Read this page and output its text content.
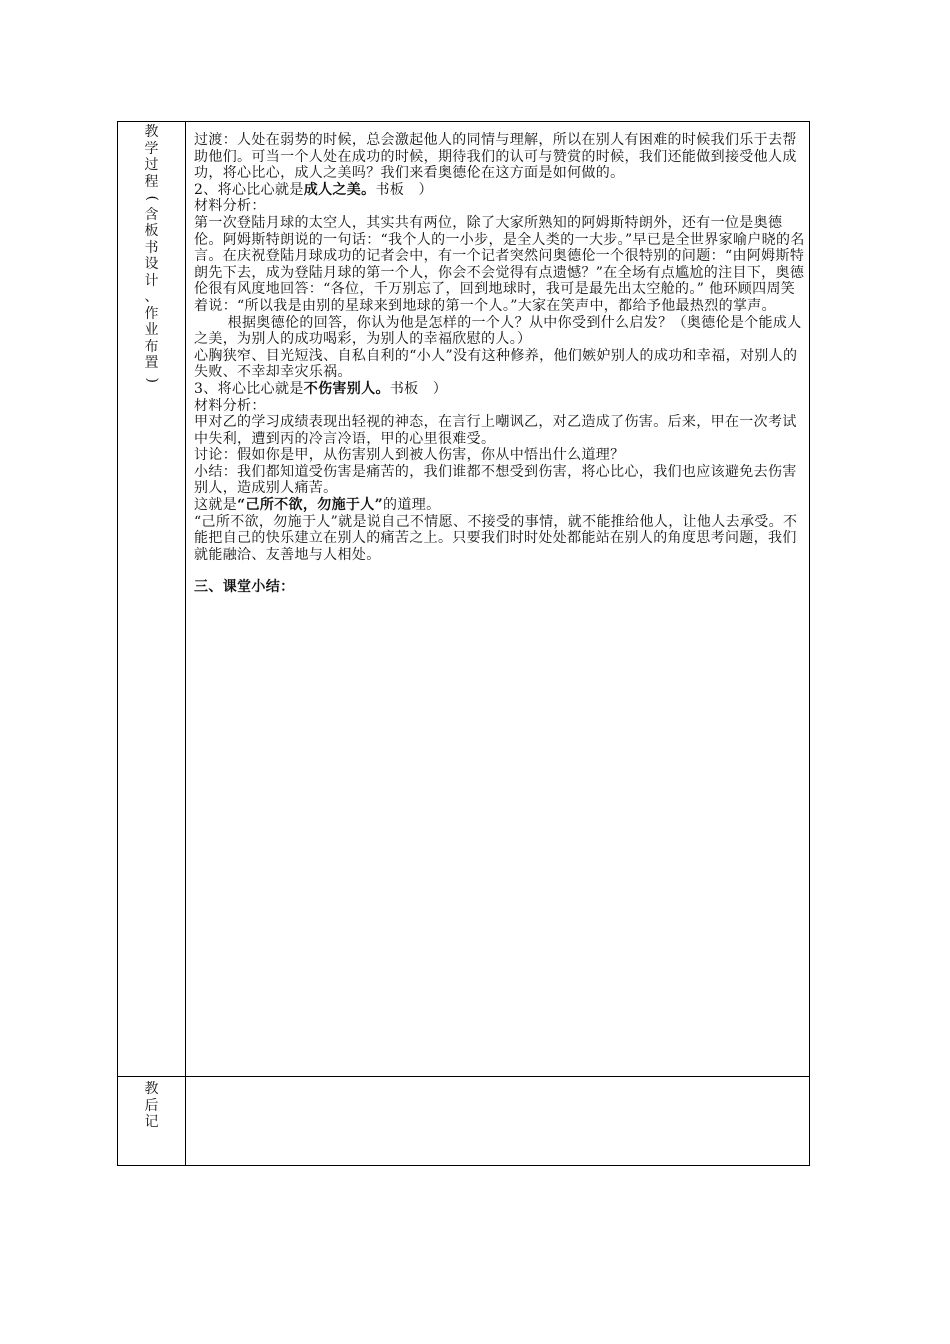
教
学
过
程
(
含
板
书
设
计
、
作
业
布
置
)
教
后
记

过渡：人处在弱势的时候，总会激起他人的同情与理解，所以在别人有困难的时候我们乐于去帮助他们。可当一个人处在成功的时候，期待我们的认可与赞赏的时候，我们还能做到接受他人成功，将心比心，成人之美吗？我们来看奥德伦在这方面是如何做的。

2、将心比心就是成人之美。书板　）

材料分析：

第一次登陆月球的太空人，其实共有两位，除了大家所熟知的阿姆斯特朗外，还有一位是奥德伦。阿姆斯特朗说的一句话：“我个人的一小步，是全人类的一大步。”早已是全世界家喻户晓的名言。在庆祝登陆月球成功的记者会中，有一个记者突然问奥德伦一个很特别的问题：“由阿姆斯特朗先下去，成为登陆月球的第一个人，你会不会觉得有点遗憾？”在全场有点尴尬的注目下，奥德伦很有风度地回答：“各位，千万别忘了，回到地球时，我可是最先出太空舱的。” 他环顾四周笑着说：“所以我是由别的星球来到地球的第一个人。”大家在笑声中，都给予他最热烈的掌声。

根据奥德伦的回答，你认为他是怎样的一个人？从中你受到什么启发？（奥德伦是个能成人之美，为别人的成功喝彩，为别人的幸福欣慰的人。）

心胸狭窄、目光短浅、自私自利的“小人”没有这种修养，他们嫉妒别人的成功和幸福，对别人的失败、不幸却幸灾乐祸。

3、将心比心就是不伤害别人。书板　）

材料分析：

甲对乙的学习成绩表现出轻视的神态，在言行上嘲讽乙，对乙造成了伤害。后来，甲在一次考试中失利，遭到丙的冷言冷语，甲的心里很难受。

讨论：假如你是甲，从伤害别人到被人伤害，你从中悟出什么道理？

小结：我们都知道受伤害是痛苦的，我们谁都不想受到伤害，将心比心，我们也应该避免去伤害别人，造成别人痛苦。

这就是“己所不欲，勿施于人”的道理。

“己所不欲，勿施于人”就是说自己不情愿、不接受的事情，就不能推给他人，让他人去承受。不能把自己的快乐建立在别人的痛苦之上。只要我们时时处处都能站在别人的角度思考问题，我们就能融洽、友善地与人相处。

三、课堂小结：
